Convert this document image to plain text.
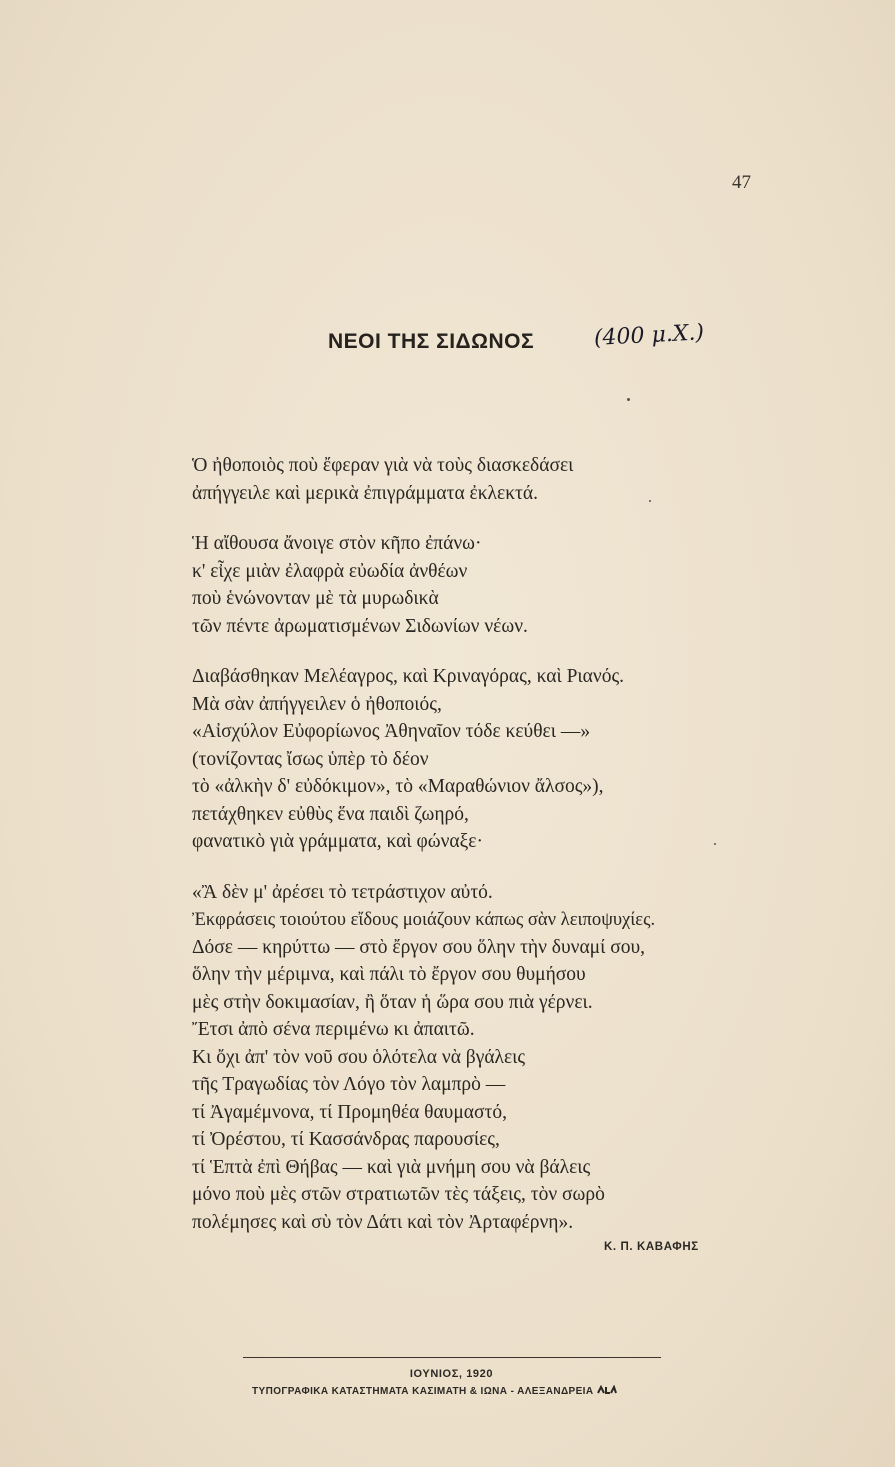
47
ΝΕΟΙ ΤΗΣ ΣΙΔΩΝΟΣ	(400 μ.Χ.)
Ὁ ἠθοποιὸς ποὺ ἔφεραν γιὰ νὰ τοὺς διασκεδάσει
ἀπήγγειλε καὶ μερικὰ ἐπιγράμματα ἐκλεκτά.
Ἡ αἴθουσα ἄνοιγε στὸν κῆπο ἐπάνω·
κ' εἶχε μιὰν ἐλαφρὰ εὐωδία ἀνθέων
ποὺ ἑνώνονταν μὲ τὰ μυρωδικὰ
τῶν πέντε ἀρωματισμένων Σιδωνίων νέων.
Διαβάσθηκαν Μελέαγρος, καὶ Κριναγόρας, καὶ Ριανός.
Μὰ σὰν ἀπήγγειλεν ὁ ἠθοποιός,
«Αἰσχύλον Εὐφορίωνος Ἀθηναῖον τόδε κεύθει —»
(τονίζοντας ἴσως ὑπὲρ τὸ δέον
τὸ «ἀλκὴν δ' εὐδόκιμον», τὸ «Μαραθώνιον ἄλσος»),
πετάχθηκεν εὐθὺς ἕνα παιδὶ ζωηρό,
φανατικὸ γιὰ γράμματα, καὶ φώναξε·
«Ἂ δὲν μ' ἀρέσει τὸ τετράστιχον αὐτό.
Ἐκφράσεις τοιούτου εἴδους μοιάζουν κάπως σὰν λειποψυχίες.
Δόσε — κηρύττω — στὸ ἔργον σου ὅλην τὴν δυναμί σου,
ὅλην τὴν μέριμνα, καὶ πάλι τὸ ἔργον σου θυμήσου
μὲς στὴν δοκιμασίαν, ἢ ὅταν ἡ ὥρα σου πιὰ γέρνει.
Ἔτσι ἀπὸ σένα περιμένω κι ἀπαιτῶ.
Κι ὄχι ἀπ' τὸν νοῦ σου ὁλότελα νὰ βγάλεις
τῆς Τραγωδίας τὸν Λόγο τὸν λαμπρὸ —
τί Ἀγαμέμνονα, τί Προμηθέα θαυμαστό,
τί Ὀρέστου, τί Κασσάνδρας παρουσίες,
τί Ἑπτὰ ἐπὶ Θήβας — καὶ γιὰ μνήμη σου νὰ βάλεις
μόνο ποὺ μὲς στῶν στρατιωτῶν τὲς τάξεις, τὸν σωρὸ
πολέμησες καὶ σὺ τὸν Δάτι καὶ τὸν Ἀρταφέρνη».
Κ. Π. ΚΑΒΑΦΗΣ
ΙΟΥΝΙΟΣ, 1920
ΤΥΠΟΓΡΑΦΙΚΑ ΚΑΤΑΣΤΗΜΑΤΑ ΚΑΣΙΜΑΤΗ & ΙΩΝΑ - ΑΛΕΞΑΝΔΡΕΙΑ
